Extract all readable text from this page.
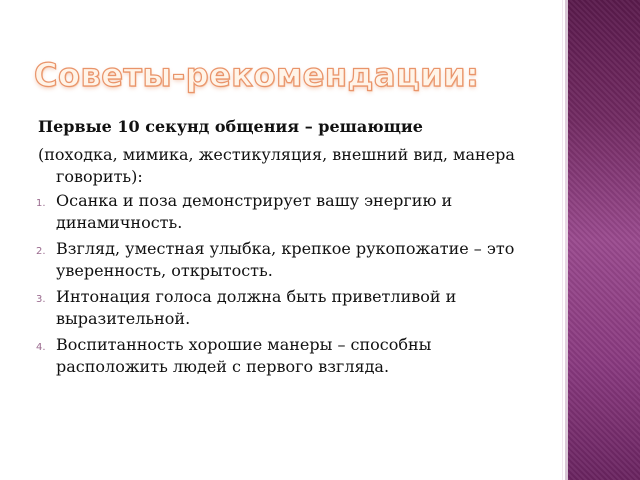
Советы-рекомендации:

Первые 10 секунд общения – решающие

(походка, мимика, жестикуляция, внешний вид, манера говорить):

1. Осанка и поза демонстрирует вашу энергию и динамичность.
2. Взгляд, уместная улыбка, крепкое рукопожатие – это уверенность, открытость.
3. Интонация голоса должна быть приветливой и выразительной.
4. Воспитанность хорошие манеры – способны расположить людей с первого взгляда.
